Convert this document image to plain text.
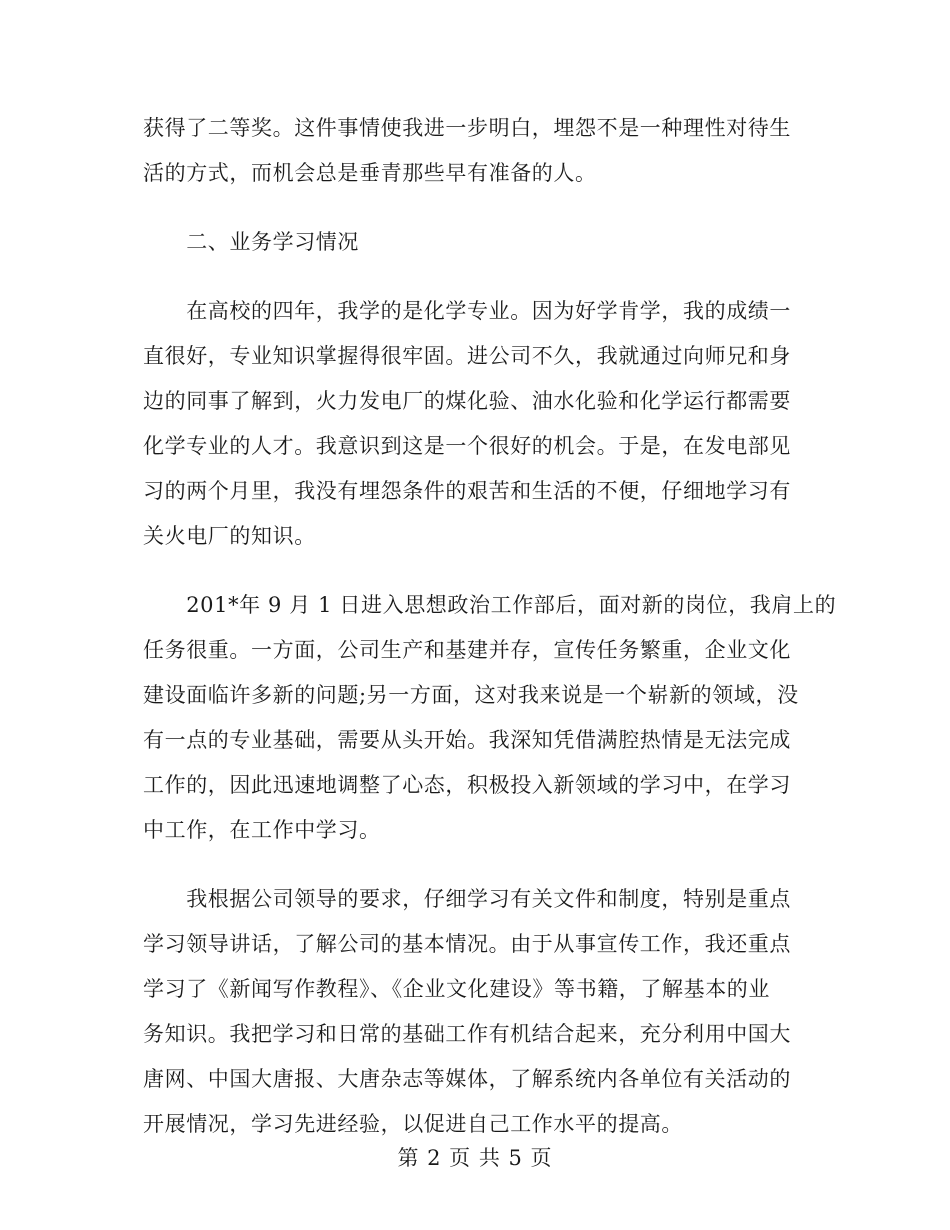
获得了二等奖。这件事情使我进一步明白，埋怨不是一种理性对待生
活的方式，而机会总是垂青那些早有准备的人。

　　二、业务学习情况

　　在高校的四年，我学的是化学专业。因为好学肯学，我的成绩一
直很好，专业知识掌握得很牢固。进公司不久，我就通过向师兄和身
边的同事了解到，火力发电厂的煤化验、油水化验和化学运行都需要
化学专业的人才。我意识到这是一个很好的机会。于是，在发电部见
习的两个月里，我没有埋怨条件的艰苦和生活的不便，仔细地学习有
关火电厂的知识。

　　201*年 9 月 1 日进入思想政治工作部后，面对新的岗位，我肩上的
任务很重。一方面，公司生产和基建并存，宣传任务繁重，企业文化
建设面临许多新的问题;另一方面，这对我来说是一个崭新的领域，没
有一点的专业基础，需要从头开始。我深知凭借满腔热情是无法完成
工作的，因此迅速地调整了心态，积极投入新领域的学习中，在学习
中工作，在工作中学习。

　　我根据公司领导的要求，仔细学习有关文件和制度，特别是重点
学习领导讲话，了解公司的基本情况。由于从事宣传工作，我还重点
学习了《新闻写作教程》、《企业文化建设》等书籍，了解基本的业
务知识。我把学习和日常的基础工作有机结合起来，充分利用中国大
唐网、中国大唐报、大唐杂志等媒体，了解系统内各单位有关活动的
开展情况，学习先进经验，以促进自己工作水平的提高。

第 2 页 共 5 页
